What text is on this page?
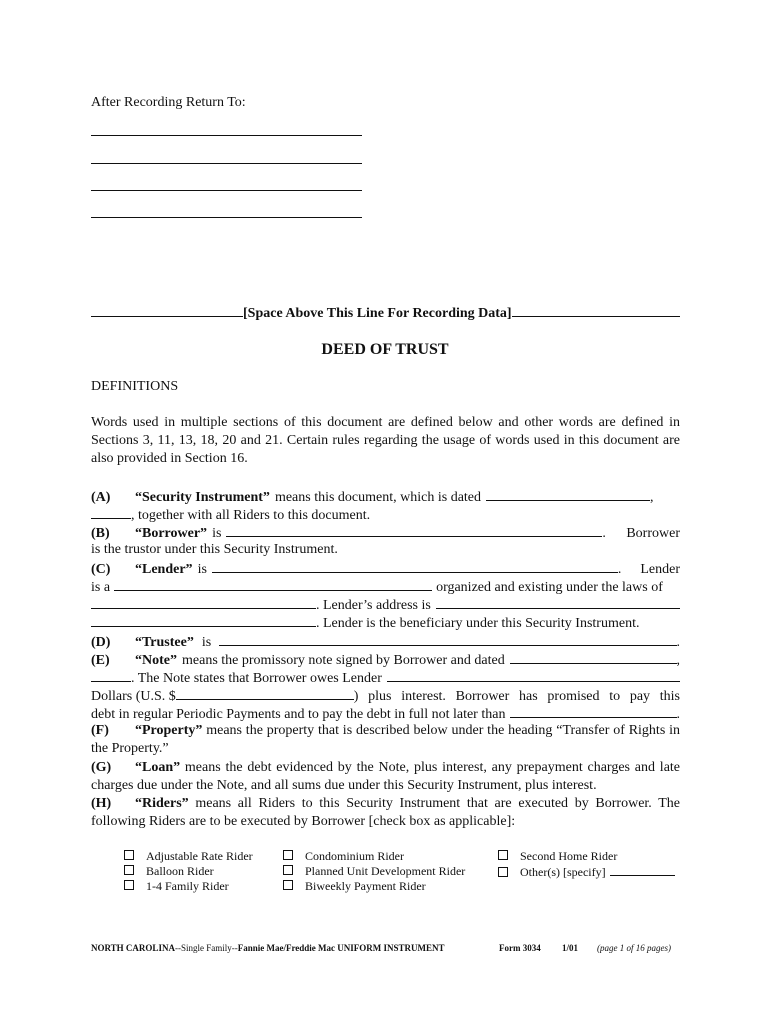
After Recording Return To:
[Space Above This Line For Recording Data]
DEED OF TRUST
DEFINITIONS
Words used in multiple sections of this document are defined below and other words are defined in Sections 3, 11, 13, 18, 20 and 21. Certain rules regarding the usage of words used in this document are also provided in Section 16.
(A)	“Security Instrument” means this document, which is dated	,
, together with all Riders to this document.
(B)	“Borrower” is	. Borrower
is the trustor under this Security Instrument.
(C)	“Lender” is	. Lender
is a	organized and existing under the laws of
. Lender’s address is
. Lender is the beneficiary under this Security Instrument.
(D)	“Trustee” is	.
(E)	“Note” means the promissory note signed by Borrower and dated	,
. The Note states that Borrower owes Lender
Dollars (U.S. $	) plus interest. Borrower has promised to pay this
debt in regular Periodic Payments and to pay the debt in full not later than	.
(F) “Property” means the property that is described below under the heading “Transfer of Rights in the Property.”
(G) “Loan” means the debt evidenced by the Note, plus interest, any prepayment charges and late charges due under the Note, and all sums due under this Security Instrument, plus interest.
(H) “Riders” means all Riders to this Security Instrument that are executed by Borrower. The following Riders are to be executed by Borrower [check box as applicable]:
Adjustable Rate Rider
Balloon Rider
1-4 Family Rider
Condominium Rider
Planned Unit Development Rider
Biweekly Payment Rider
Second Home Rider
Other(s) [specify]
NORTH CAROLINA--Single Family--Fannie Mae/Freddie Mac UNIFORM INSTRUMENT	Form 3034 1/01 (page 1 of 16 pages)
